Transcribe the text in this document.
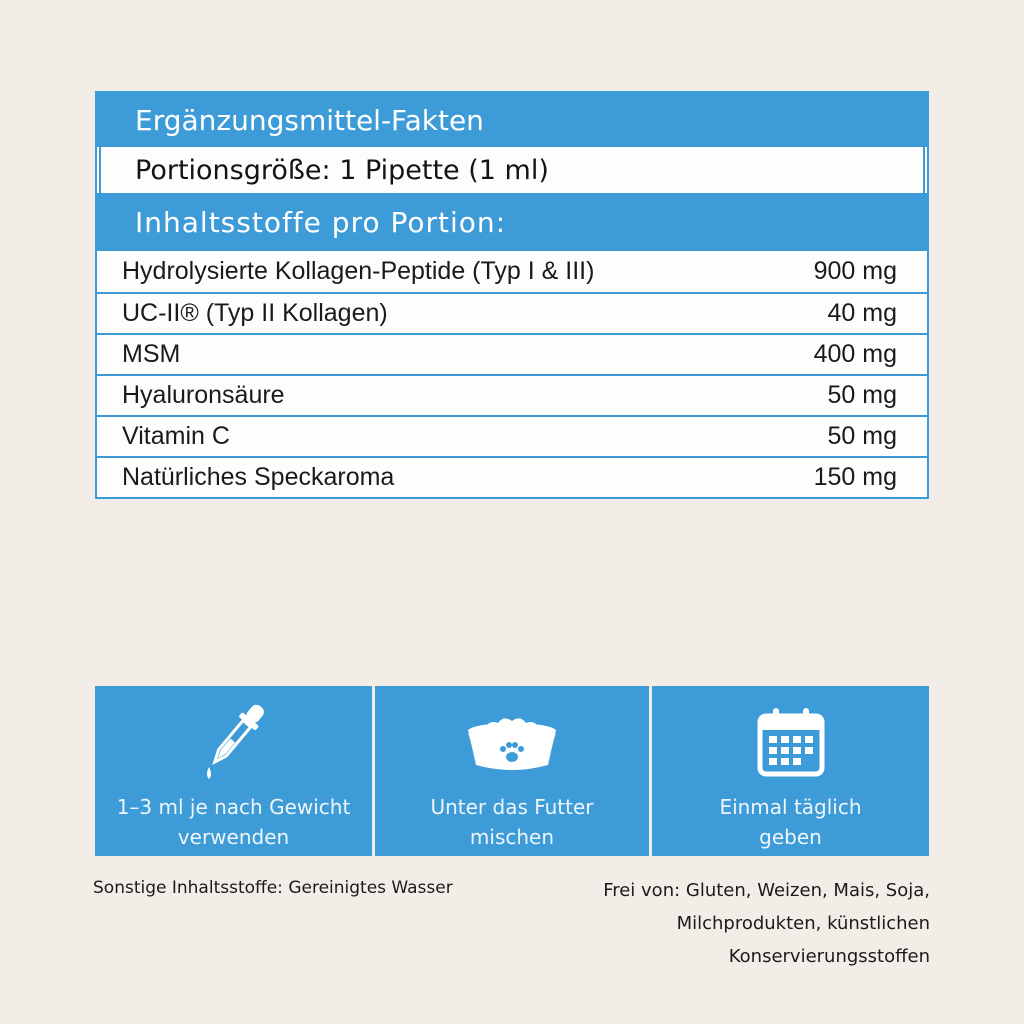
Ergänzungsmittel-Fakten
Portionsgröße: 1 Pipette (1 ml)
Inhaltsstoffe pro Portion:
Hydrolysierte Kollagen-Peptide (Typ I & III)	900 mg
UC-II® (Typ II Kollagen)	40 mg
MSM	400 mg
Hyaluronsäure	50 mg
Vitamin C	50 mg
Natürliches Speckaroma	150 mg
1–3 ml je nach Gewicht
verwenden
Unter das Futter
mischen
Einmal täglich
geben
Sonstige Inhaltsstoffe: Gereinigtes Wasser	Frei von: Gluten, Weizen, Mais, Soja,
Milchprodukten, künstlichen
Konservierungsstoffen
